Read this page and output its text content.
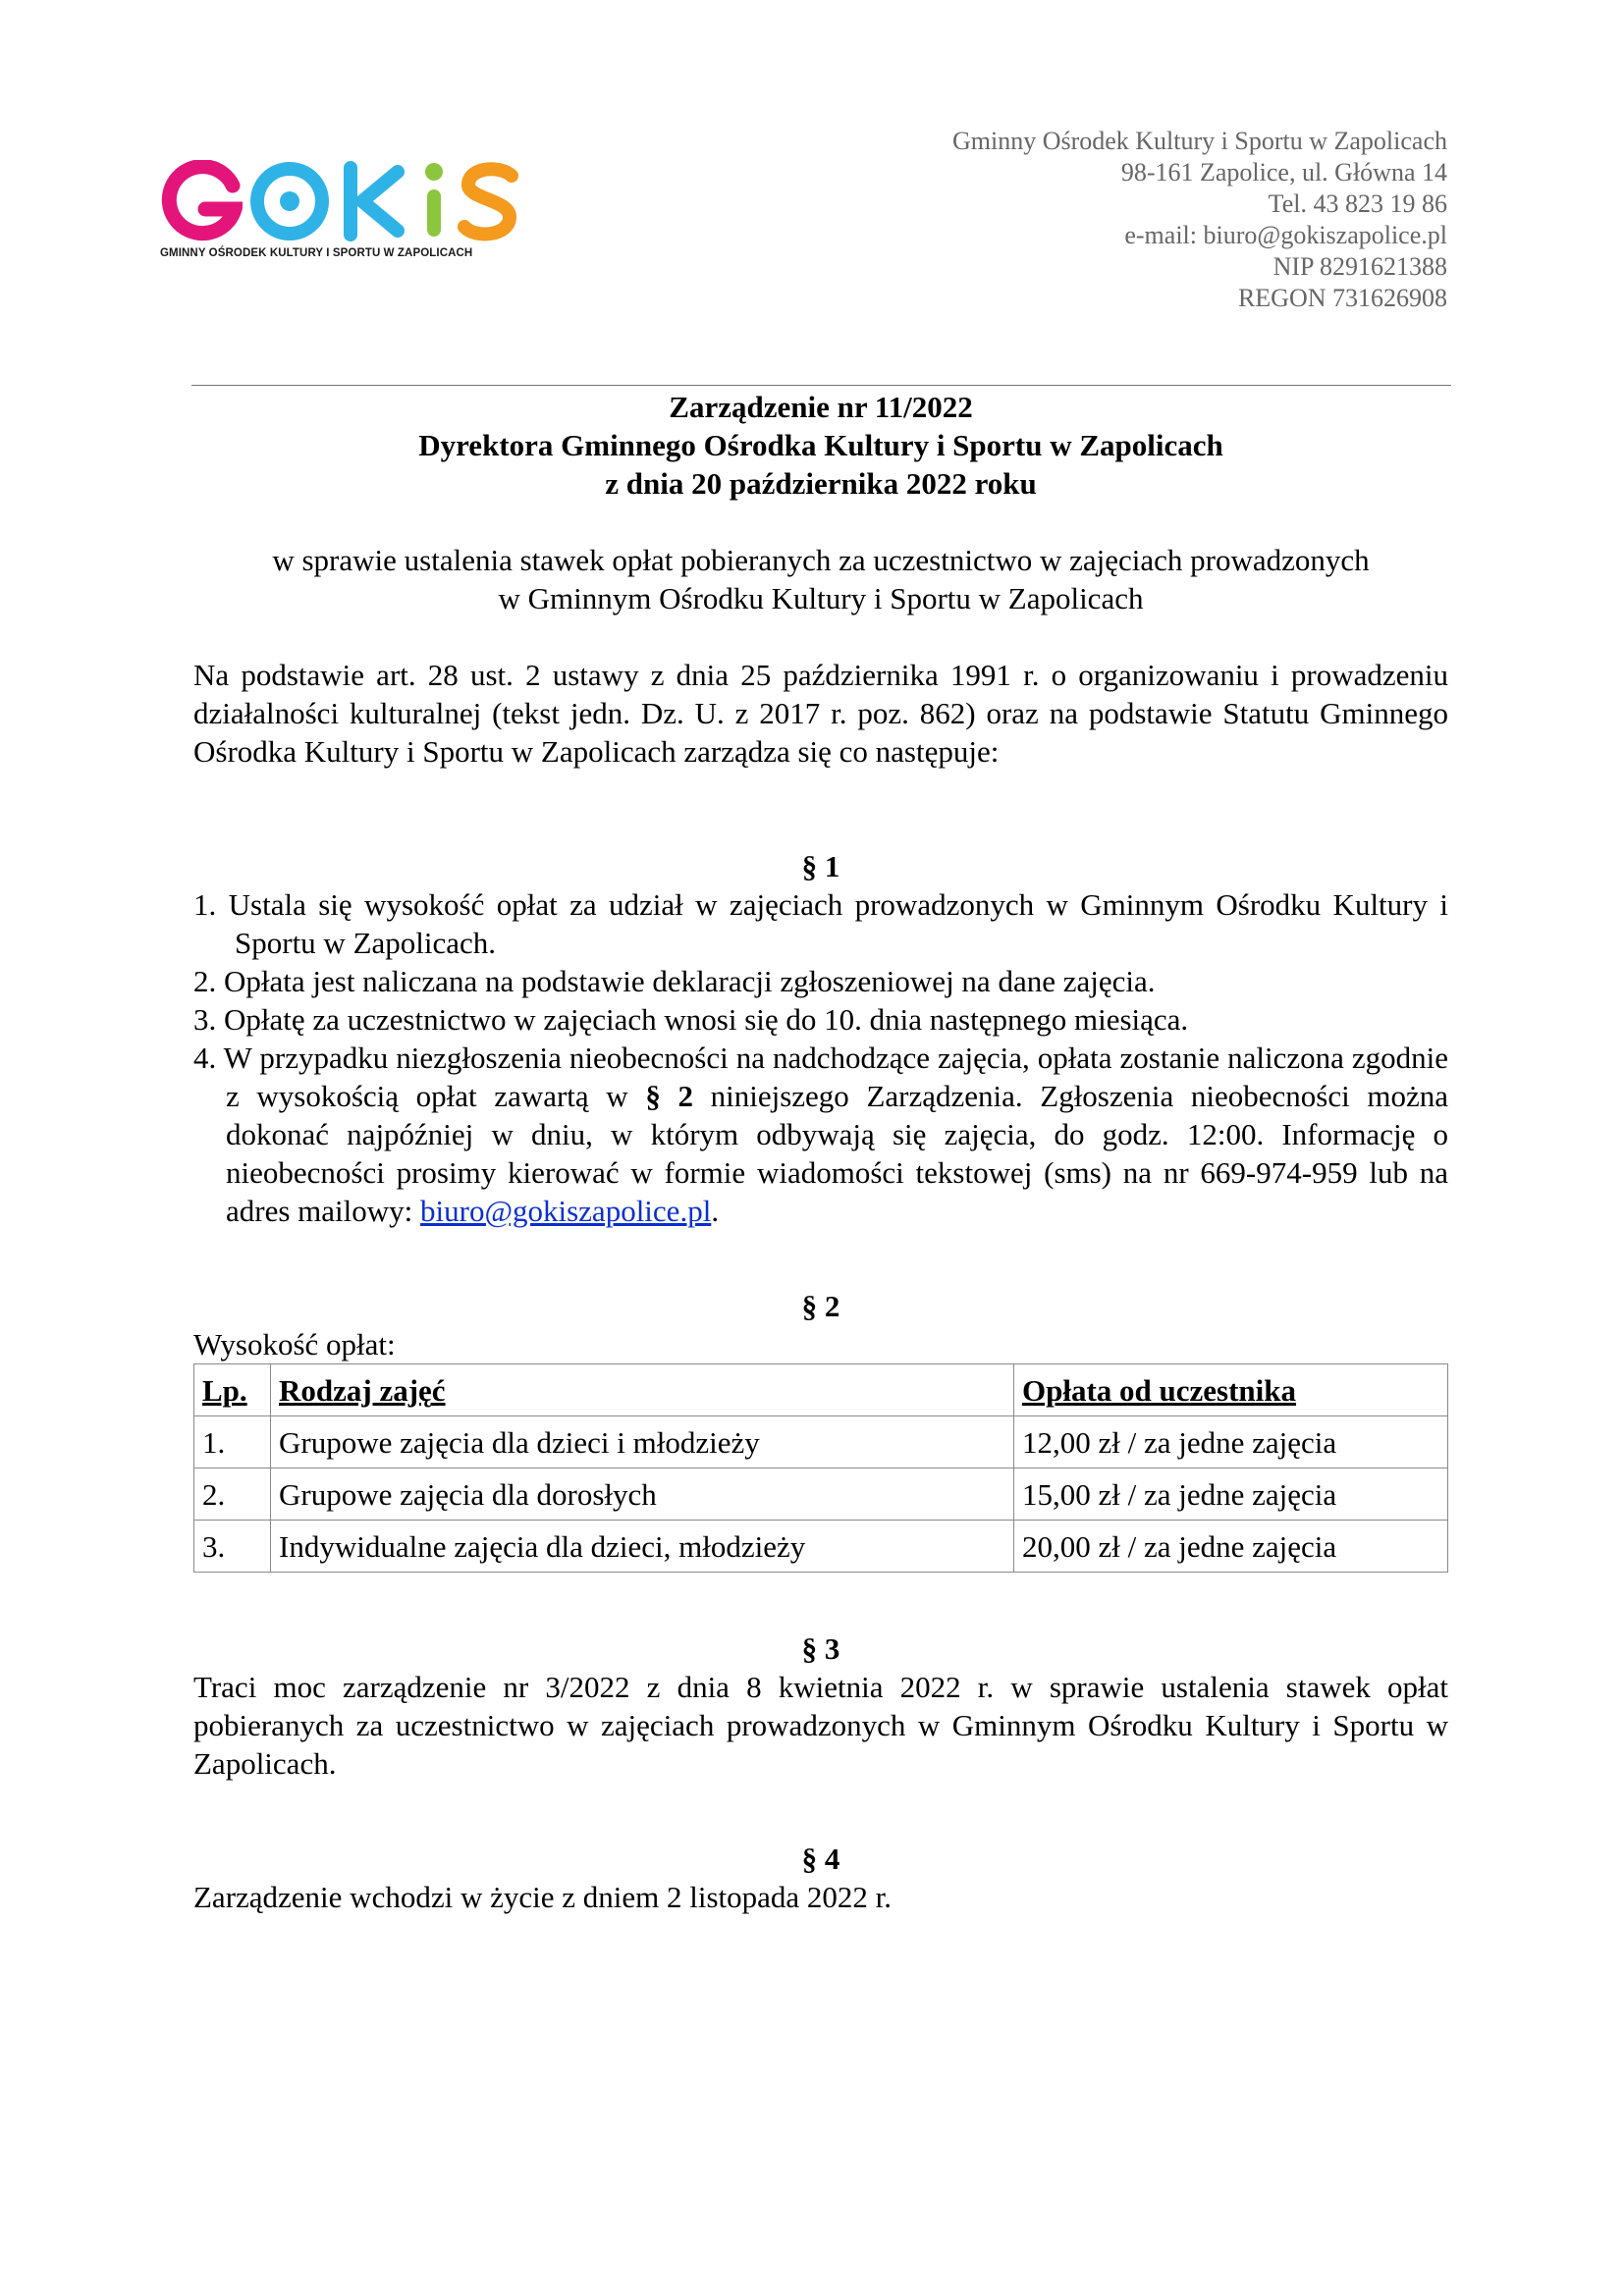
GMINNY OŚRODEK KULTURY I SPORTU W ZAPOLICACH
Gminny Ośrodek Kultury i Sportu w Zapolicach
98-161 Zapolice, ul. Główna 14
Tel. 43 823 19 86
e-mail: biuro@gokiszapolice.pl
NIP 8291621388
REGON 731626908
Zarządzenie nr 11/2022
Dyrektora Gminnego Ośrodka Kultury i Sportu w Zapolicach
z dnia 20 października 2022 roku
w sprawie ustalenia stawek opłat pobieranych za uczestnictwo w zajęciach prowadzonych
w Gminnym Ośrodku Kultury i Sportu w Zapolicach
Na podstawie art. 28 ust. 2 ustawy z dnia 25 października 1991 r. o organizowaniu i prowadzeniu działalności kulturalnej (tekst jedn. Dz. U. z 2017 r. poz. 862) oraz na podstawie Statutu Gminnego Ośrodka Kultury i Sportu w Zapolicach zarządza się co następuje:
§ 1
1. Ustala się wysokość opłat za udział w zajęciach prowadzonych w Gminnym Ośrodku Kultury i Sportu w Zapolicach.
2. Opłata jest naliczana na podstawie deklaracji zgłoszeniowej na dane zajęcia.
3. Opłatę za uczestnictwo w zajęciach wnosi się do 10. dnia następnego miesiąca.
4. W przypadku niezgłoszenia nieobecności na nadchodzące zajęcia, opłata zostanie naliczona zgodnie z wysokością opłat zawartą w § 2 niniejszego Zarządzenia. Zgłoszenia nieobecności można dokonać najpóźniej w dniu, w którym odbywają się zajęcia, do godz. 12:00. Informację o nieobecności prosimy kierować w formie wiadomości tekstowej (sms) na nr 669-974-959 lub na adres mailowy: biuro@gokiszapolice.pl.
§ 2
Wysokość opłat:
Lp.	Rodzaj zajęć	Opłata od uczestnika
1.	Grupowe zajęcia dla dzieci i młodzieży	12,00 zł / za jedne zajęcia
2.	Grupowe zajęcia dla dorosłych	15,00 zł / za jedne zajęcia
3.	Indywidualne zajęcia dla dzieci, młodzieży	20,00 zł / za jedne zajęcia
§ 3
Traci moc zarządzenie nr 3/2022 z dnia 8 kwietnia 2022 r. w sprawie ustalenia stawek opłat pobieranych za uczestnictwo w zajęciach prowadzonych w Gminnym Ośrodku Kultury i Sportu w Zapolicach.
§ 4
Zarządzenie wchodzi w życie z dniem 2 listopada 2022 r.
